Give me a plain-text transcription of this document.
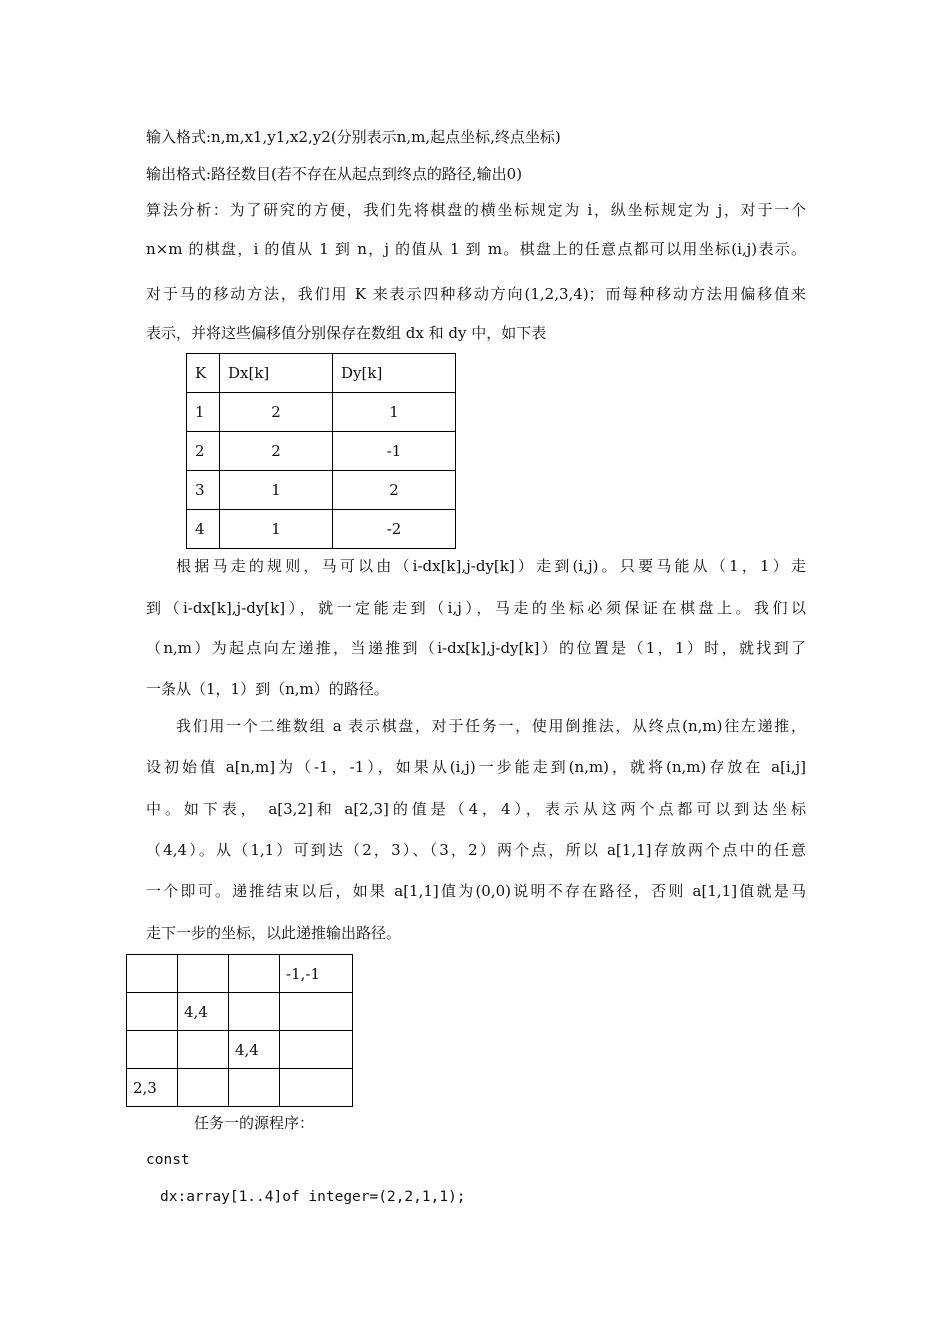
输入格式:n,m,x1,y1,x2,y2(分别表示n,m,起点坐标,终点坐标)
输出格式:路径数目(若不存在从起点到终点的路径,输出0)
算法分析：为了研究的方便，我们先将棋盘的横坐标规定为 i，纵坐标规定为 j，对于一个
n×m 的棋盘，i 的值从 1 到 n，j 的值从 1 到 m。棋盘上的任意点都可以用坐标(i,j)表示。
对于马的移动方法，我们用 K 来表示四种移动方向(1,2,3,4)；而每种移动方法用偏移值来
表示，并将这些偏移值分别保存在数组 dx 和 dy 中，如下表
K	Dx[k]	Dy[k]
1	2	1
2	2	-1
3	1	2
4	1	-2
根据马走的规则，马可以由（i-dx[k],j-dy[k]）走到(i,j)。只要马能从（1，1）走
到（i-dx[k],j-dy[k]），就一定能走到（i,j），马走的坐标必须保证在棋盘上。我们以
（n,m）为起点向左递推，当递推到（i-dx[k],j-dy[k]）的位置是（1，1）时，就找到了
一条从（1，1）到（n,m）的路径。
我们用一个二维数组 a 表示棋盘，对于任务一，使用倒推法，从终点(n,m)往左递推，
设初始值 a[n,m]为（-1，-1），如果从(i,j)一步能走到(n,m)，就将(n,m)存放在 a[i,j]
中。如下表， a[3,2]和 a[2,3]的值是（4，4），表示从这两个点都可以到达坐标
（4,4）。从（1,1）可到达（2，3）、（3，2）两个点，所以 a[1,1]存放两个点中的任意
一个即可。递推结束以后，如果 a[1,1]值为(0,0)说明不存在路径，否则 a[1,1]值就是马
走下一步的坐标，以此递推输出路径。
			-1,-1
	4,4		
		4,4	
2,3			
任务一的源程序：
const
dx:array[1..4]of integer=(2,2,1,1);
